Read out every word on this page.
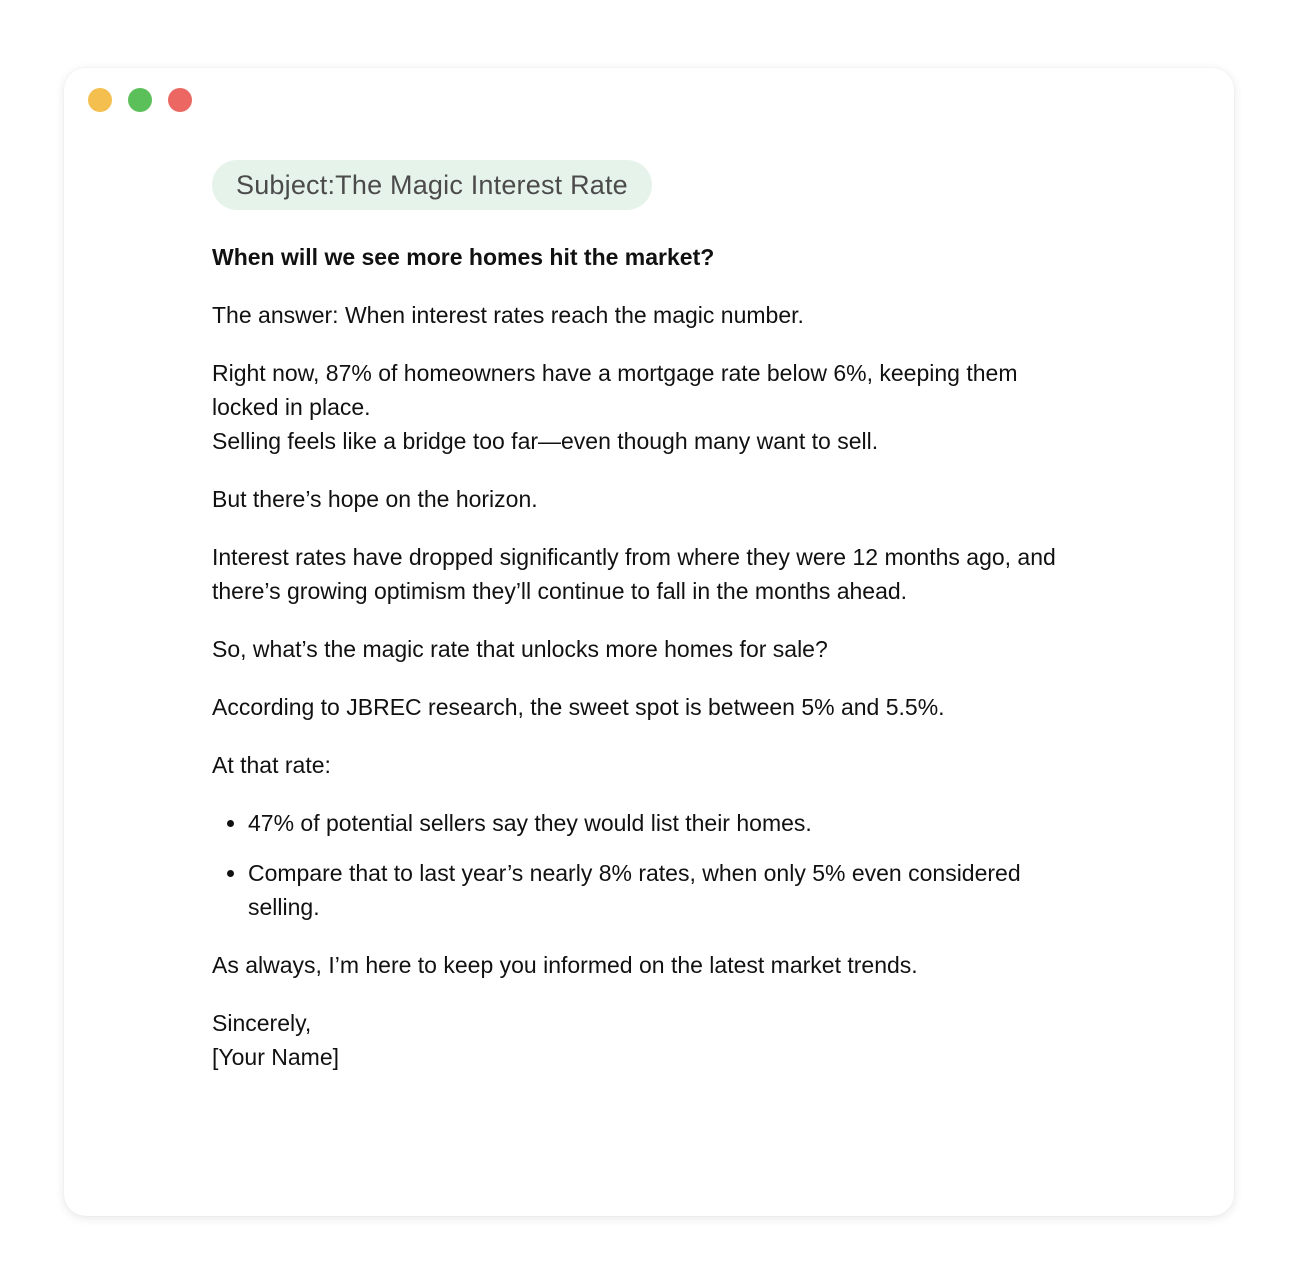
Subject: The Magic Interest Rate

When will we see more homes hit the market?

The answer: When interest rates reach the magic number.

Right now, 87% of homeowners have a mortgage rate below 6%, keeping them locked in place.
Selling feels like a bridge too far—even though many want to sell.

But there’s hope on the horizon.

Interest rates have dropped significantly from where they were 12 months ago, and there’s growing optimism they’ll continue to fall in the months ahead.

So, what’s the magic rate that unlocks more homes for sale?

According to JBREC research, the sweet spot is between 5% and 5.5%.

At that rate:

• 47% of potential sellers say they would list their homes.
• Compare that to last year’s nearly 8% rates, when only 5% even considered selling.

As always, I’m here to keep you informed on the latest market trends.

Sincerely,
[Your Name]
